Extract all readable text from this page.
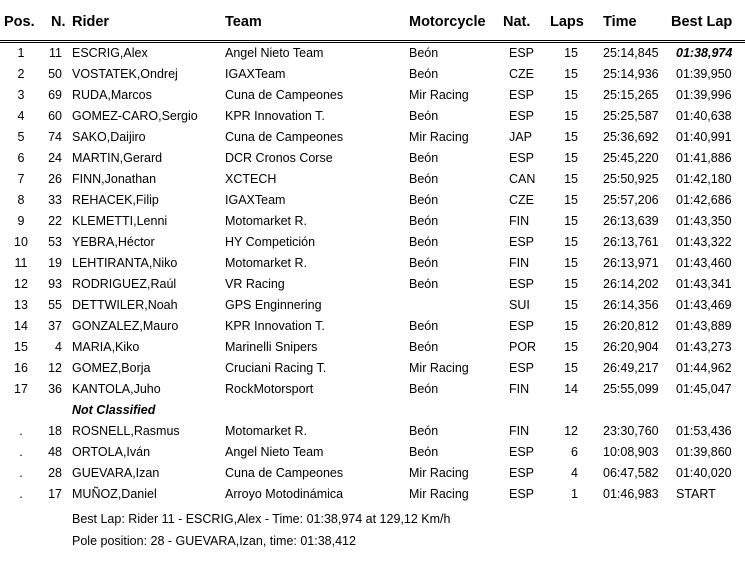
Pos. N. Rider	Team	Motorcycle Nat. Laps Time Best Lap
1	11 ESCRIG,Alex	Angel Nieto Team	Beón	ESP	15 25:14,845 01:38,974
2	50 VOSTATEK,Ondrej	IGAXTeam	Beón	CZE	15 25:14,936 01:39,950
3	69 RUDA,Marcos	Cuna de Campeones	Mir Racing	ESP	15 25:15,265 01:39,996
4	60 GOMEZ-CARO,Sergio KPR Innovation T.	Beón	ESP	15 25:25,587 01:40,638
5	74 SAKO,Daijiro	Cuna de Campeones	Mir Racing	JAP	15 25:36,692 01:40,991
6	24 MARTIN,Gerard	DCR Cronos Corse	Beón	ESP	15 25:45,220 01:41,886
7	26 FINN,Jonathan	XCTECH	Beón	CAN	15 25:50,925 01:42,180
8	33 REHACEK,Filip	IGAXTeam	Beón	CZE	15 25:57,206 01:42,686
9	22 KLEMETTI,Lenni	Motomarket R.	Beón	FIN	15 26:13,639 01:43,350
10	53 YEBRA,Héctor	HY Competición	Beón	ESP	15 26:13,761 01:43,322
11	19 LEHTIRANTA,Niko	Motomarket R.	Beón	FIN	15 26:13,971 01:43,460
12	93 RODRIGUEZ,Raúl	VR Racing	Beón	ESP	15 26:14,202 01:43,341
13	55 DETTWILER,Noah	GPS Enginnering	SUI	15 26:14,356 01:43,469
14	37 GONZALEZ,Mauro	KPR Innovation T.	Beón	ESP	15 26:20,812 01:43,889
15	4 MARIA,Kiko	Marinelli Snipers	Beón	POR	15 26:20,904 01:43,273
16	12 GOMEZ,Borja	Cruciani Racing T.	Mir Racing	ESP	15 26:49,217 01:44,962
17	36 KANTOLA,Juho	RockMotorsport	Beón	FIN	14 25:55,099 01:45,047
Not Classified
.	18 ROSNELL,Rasmus	Motomarket R.	Beón	FIN	12 23:30,760 01:53,436
.	48 ORTOLA,Iván	Angel Nieto Team	Beón	ESP	6 10:08,903 01:39,860
.	28 GUEVARA,Izan	Cuna de Campeones	Mir Racing	ESP	4 06:47,582 01:40,020
.	17 MUÑOZ,Daniel	Arroyo Motodinámica	Mir Racing	ESP	1 01:46,983 START
Best Lap: Rider 11 - ESCRIG,Alex - Time: 01:38,974 at 129,12 Km/h
Pole position: 28 - GUEVARA,Izan, time: 01:38,412
